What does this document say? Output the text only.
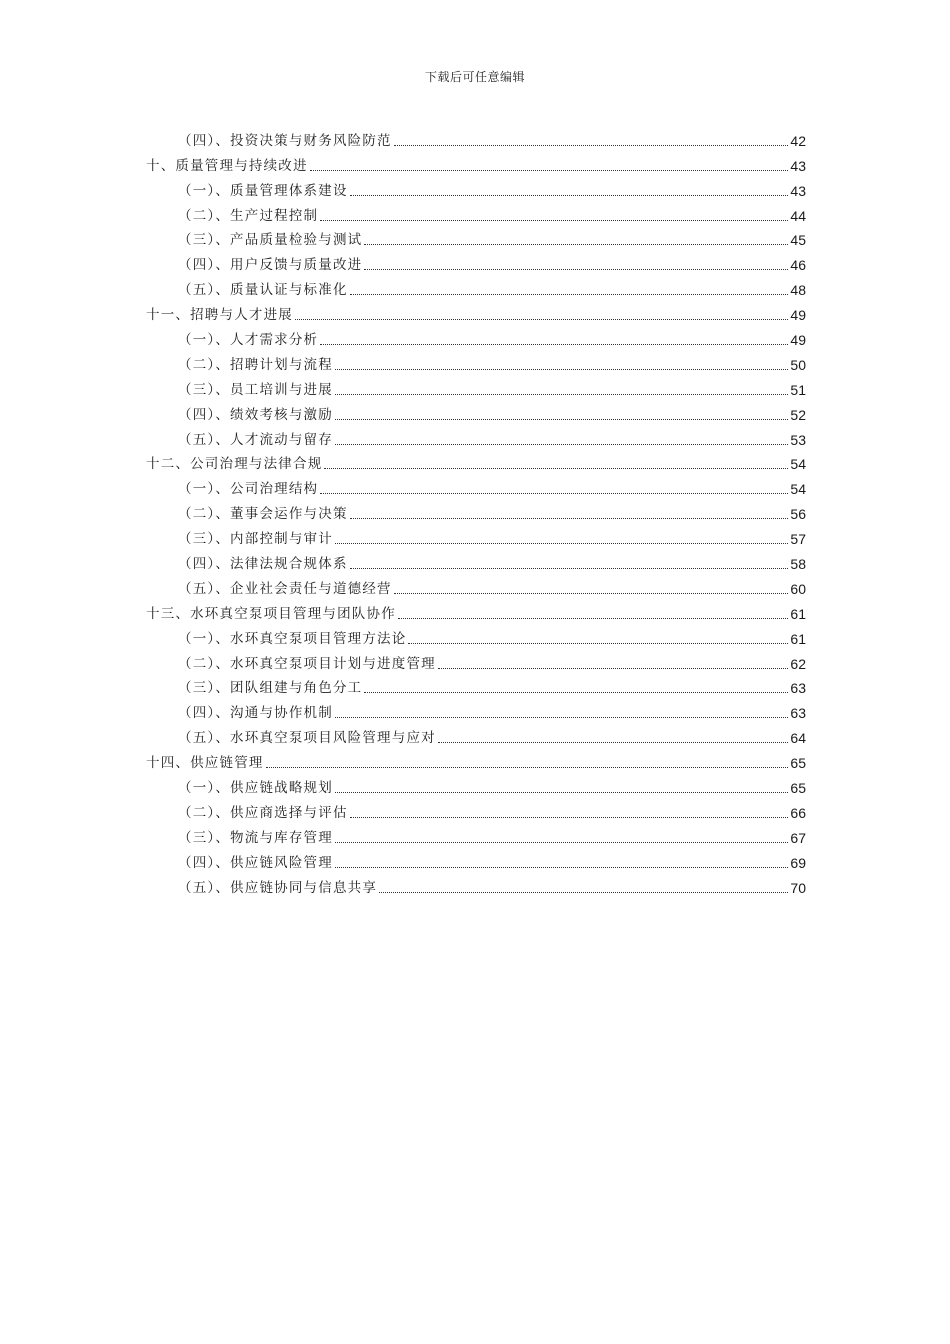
下载后可任意编辑
（四）、投资决策与财务风险防范	42
十、质量管理与持续改进	43
（一）、质量管理体系建设	43
（二）、生产过程控制	44
（三）、产品质量检验与测试	45
（四）、用户反馈与质量改进	46
（五）、质量认证与标准化	48
十一、招聘与人才进展	49
（一）、人才需求分析	49
（二）、招聘计划与流程	50
（三）、员工培训与进展	51
（四）、绩效考核与激励	52
（五）、人才流动与留存	53
十二、公司治理与法律合规	54
（一）、公司治理结构	54
（二）、董事会运作与决策	56
（三）、内部控制与审计	57
（四）、法律法规合规体系	58
（五）、企业社会责任与道德经营	60
十三、水环真空泵项目管理与团队协作	61
（一）、水环真空泵项目管理方法论	61
（二）、水环真空泵项目计划与进度管理	62
（三）、团队组建与角色分工	63
（四）、沟通与协作机制	63
（五）、水环真空泵项目风险管理与应对	64
十四、供应链管理	65
（一）、供应链战略规划	65
（二）、供应商选择与评估	66
（三）、物流与库存管理	67
（四）、供应链风险管理	69
（五）、供应链协同与信息共享	70
